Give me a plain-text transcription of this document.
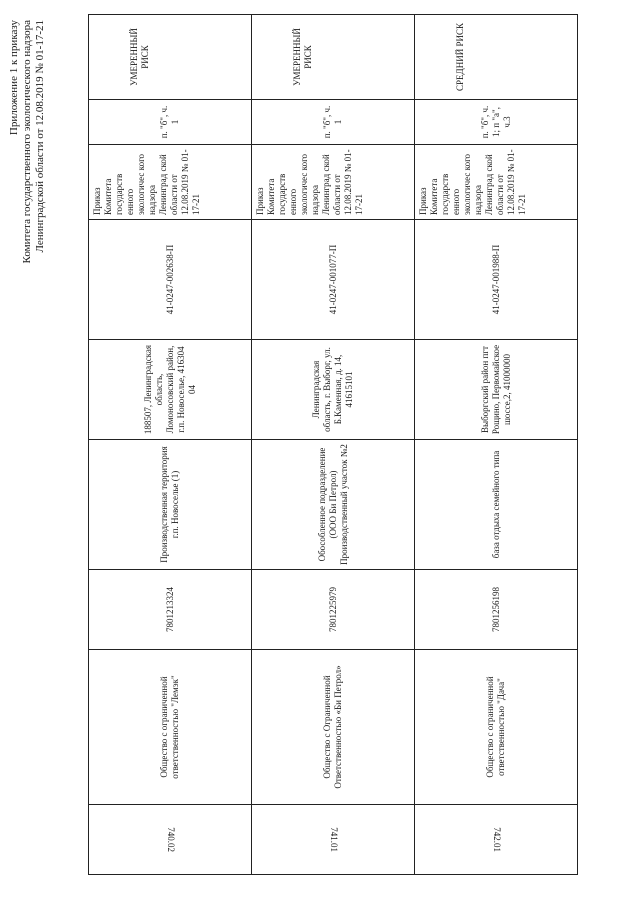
Приложение 1 к приказу Комитета государственного экологического надзора Ленинградской области от 12.08.2019 № 01-17-21
740.02	Общество с ограниченной ответственностью "Лемэк"	7801213324	Производственная территория г.п. Новоселье (1)	188507, Ленинградская область, Ломоносовский район, г.п. Новоселье, 416304 04	41-0247-002638-П	Приказ Комитета государств енного экологичес кого надзора Ленинград ской области от 12.08.2019 № 01-17-21	п. "б", ч. 1	УМЕРЕННЫЙ РИСК
741.01	Общество с Ограниченной Ответственностью «Би Петрол»	7801225979	Обособленное подразделение (ООО Би Петрол) Производственный участок №2	Ленинградская область, г. Выборг, ул. Б.Каменная, д. 14, 41615101	41-0247-001077-П	Приказ Комитета государств енного экологичес кого надзора Ленинград ской области от 12.08.2019 № 01-17-21	п. "б", ч. 1	УМЕРЕННЫЙ РИСК
742.01	Общество с ограниченной ответственностью "Дача"	7801256198	база отдыха семейного типа	Выборгский район пгт Рощино, Первомайское шоссе,2, 41000000	41-0247-001988-П	Приказ Комитета государств енного экологичес кого надзора Ленинград ской области от 12.08.2019 № 01-17-21	п. "б", ч. 1; п "а", ч.3	СРЕДНИЙ РИСК
